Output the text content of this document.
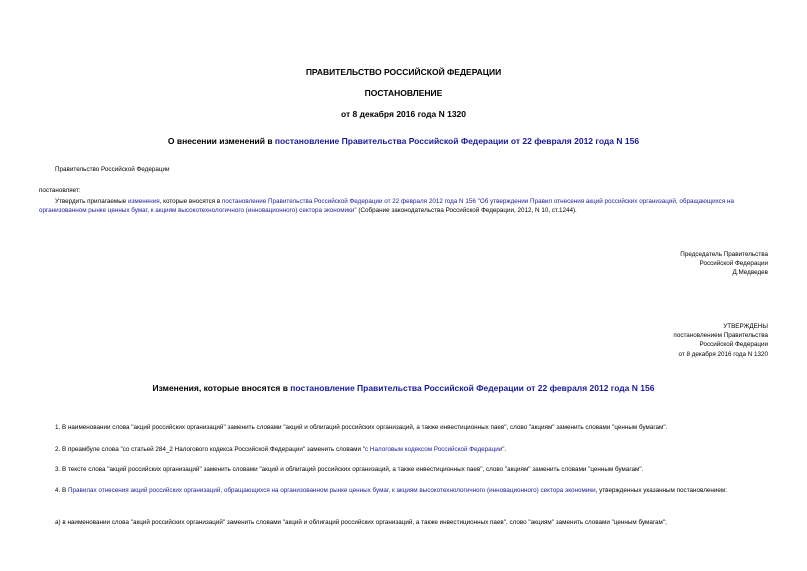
ПРАВИТЕЛЬСТВО РОССИЙСКОЙ ФЕДЕРАЦИИ
ПОСТАНОВЛЕНИЕ
от 8 декабря 2016 года N 1320
О внесении изменений в постановление Правительства Российской Федерации от 22 февраля 2012 года N 156
Правительство Российской Федерации
постановляет:
Утвердить прилагаемые изменения, которые вносятся в постановление Правительства Российской Федерации от 22 февраля 2012 года N 156 "Об утверждении Правил отнесения акций российских организаций, обращающихся на организованном рынке ценных бумаг, к акциям высокотехнологичного (инновационного) сектора экономики" (Собрание законодательства Российской Федерации, 2012, N 10, ст.1244).

Председатель Правительства

Российской Федерации

Д.Медведев

УТВЕРЖДЕНЫ

постановлением Правительства

Российской Федерации

от 8 декабря 2016 года N 1320

Изменения, которые вносятся в постановление Правительства Российской Федерации от 22 февраля 2012 года N 156
1. В наименовании слова "акций российских организаций" заменить словами "акций и облигаций российских организаций, а также инвестиционных паев", слово "акциям" заменить словами "ценным бумагам".
2. В преамбуле слова "со статьей 284_2 Налогового кодекса Российской Федерации" заменить словами "с Налоговым кодексом Российской Федерации".
3. В тексте слова "акций российских организаций" заменить словами "акций и облигаций российских организаций, а также инвестиционных паев", слово "акциям" заменить словами "ценным бумагам".
4. В Правилах отнесения акций российских организаций, обращающихся на организованном рынке ценных бумаг, к акциям высокотехнологичного (инновационного) сектора экономики, утвержденных указанным постановлением:
а) в наименовании слова "акций российских организаций" заменить словами "акций и облигаций российских организаций, а также инвестиционных паев", слово "акциям" заменить словами "ценным бумагам";
